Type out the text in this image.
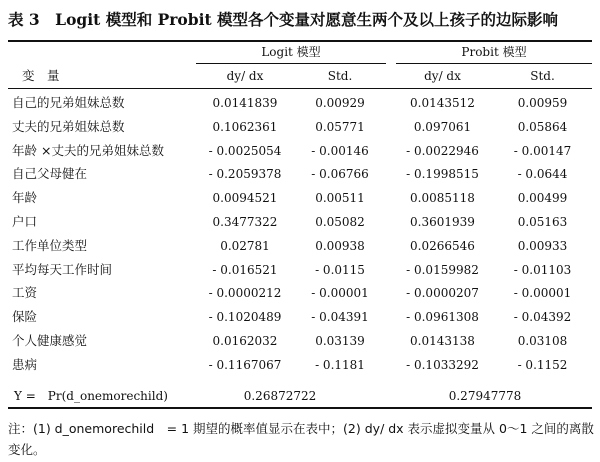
表 3　Logit 模型和 Probit 模型各个变量对愿意生两个及以上孩子的边际影响
Logit 模型	Probit 模型
变　量	dy/ dx	Std.	dy/ dx	Std.
自己的兄弟姐妹总数	0.0141839	0.00929	0.0143512	0.00959
丈夫的兄弟姐妹总数	0.1062361	0.05771	0.097061	0.05864
年龄 ×丈夫的兄弟姐妹总数	- 0.0025054	- 0.00146	- 0.0022946	- 0.00147
自己父母健在	- 0.2059378	- 0.06766	- 0.1998515	- 0.0644
年龄	0.0094521	0.00511	0.0085118	0.00499
户口	0.3477322	0.05082	0.3601939	0.05163
工作单位类型	0.02781	0.00938	0.0266546	0.00933
平均每天工作时间	- 0.016521	- 0.0115	- 0.0159982	- 0.01103
工资	- 0.0000212	- 0.00001	- 0.0000207	- 0.00001
保险	- 0.1020489	- 0.04391	- 0.0961308	- 0.04392
个人健康感觉	0.0162032	0.03139	0.0143138	0.03108
患病	- 0.1167067	- 0.1181	- 0.1033292	- 0.1152
Y =　Pr(d_onemorechild)	0.26872722	0.27947778
注：(1) d_onemorechild　= 1 期望的概率值显示在表中；(2) dy/ dx 表示虚拟变量从 0～1 之间的离散
变化。
